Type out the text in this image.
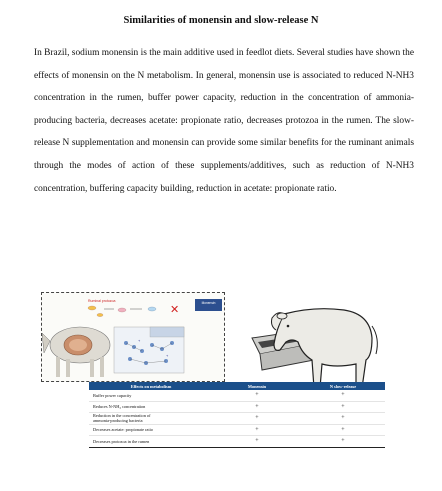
Similarities of monensin and slow-release N
In Brazil, sodium monensin is the main additive used in feedlot diets. Several studies have shown the effects of monensin on the N metabolism. In general, monensin use is associated to reduced N-NH3 concentration in the rumen, buffer power capacity, reduction in the concentration of ammonia-producing bacteria, decreases acetate: propionate ratio, decreases protozoa in the rumen. The slow-release N supplementation and monensin can provide some similar benefits for the ruminant animals through the modes of action of these supplements/additives, such as reduction of N-NH3 concentration, buffering capacity building, reduction in acetate: propionate ratio.
Ruminal protozoa
✕	Monensin
+
+
Effects on metabolism	Monensin	N slow-release
Buffer power capacity	+	+
Reduces N-NH₃ concentration	+	+

Reduction in the concentration of
ammonia-producing bacteria	+	+
Decreases acetate: propionate ratio	+	+
Decreases protozoa in the rumen	+	+
